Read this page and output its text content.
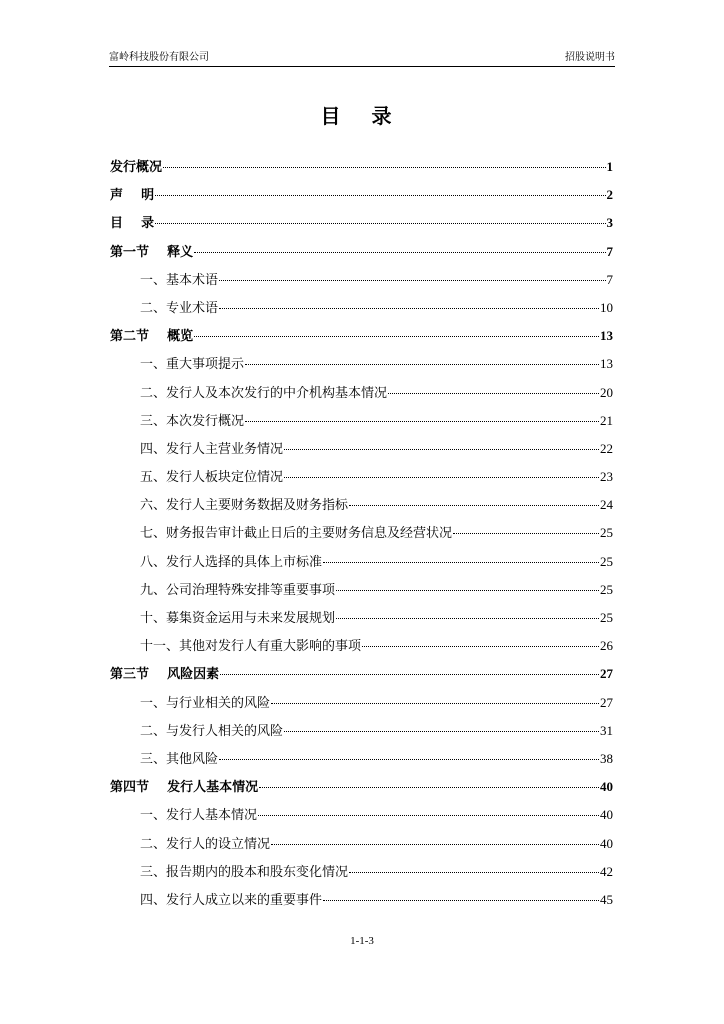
富岭科技股份有限公司	招股说明书
目 录
发行概况	1
声    明	2
目    录	3
第一节    释义	7
一、基本术语	7
二、专业术语	10
第二节    概览	13
一、重大事项提示	13
二、发行人及本次发行的中介机构基本情况	20
三、本次发行概况	21
四、发行人主营业务情况	22
五、发行人板块定位情况	23
六、发行人主要财务数据及财务指标	24
七、财务报告审计截止日后的主要财务信息及经营状况	25
八、发行人选择的具体上市标准	25
九、公司治理特殊安排等重要事项	25
十、募集资金运用与未来发展规划	25
十一、其他对发行人有重大影响的事项	26
第三节    风险因素	27
一、与行业相关的风险	27
二、与发行人相关的风险	31
三、其他风险	38
第四节    发行人基本情况	40
一、发行人基本情况	40
二、发行人的设立情况	40
三、报告期内的股本和股东变化情况	42
四、发行人成立以来的重要事件	45
1-1-3
